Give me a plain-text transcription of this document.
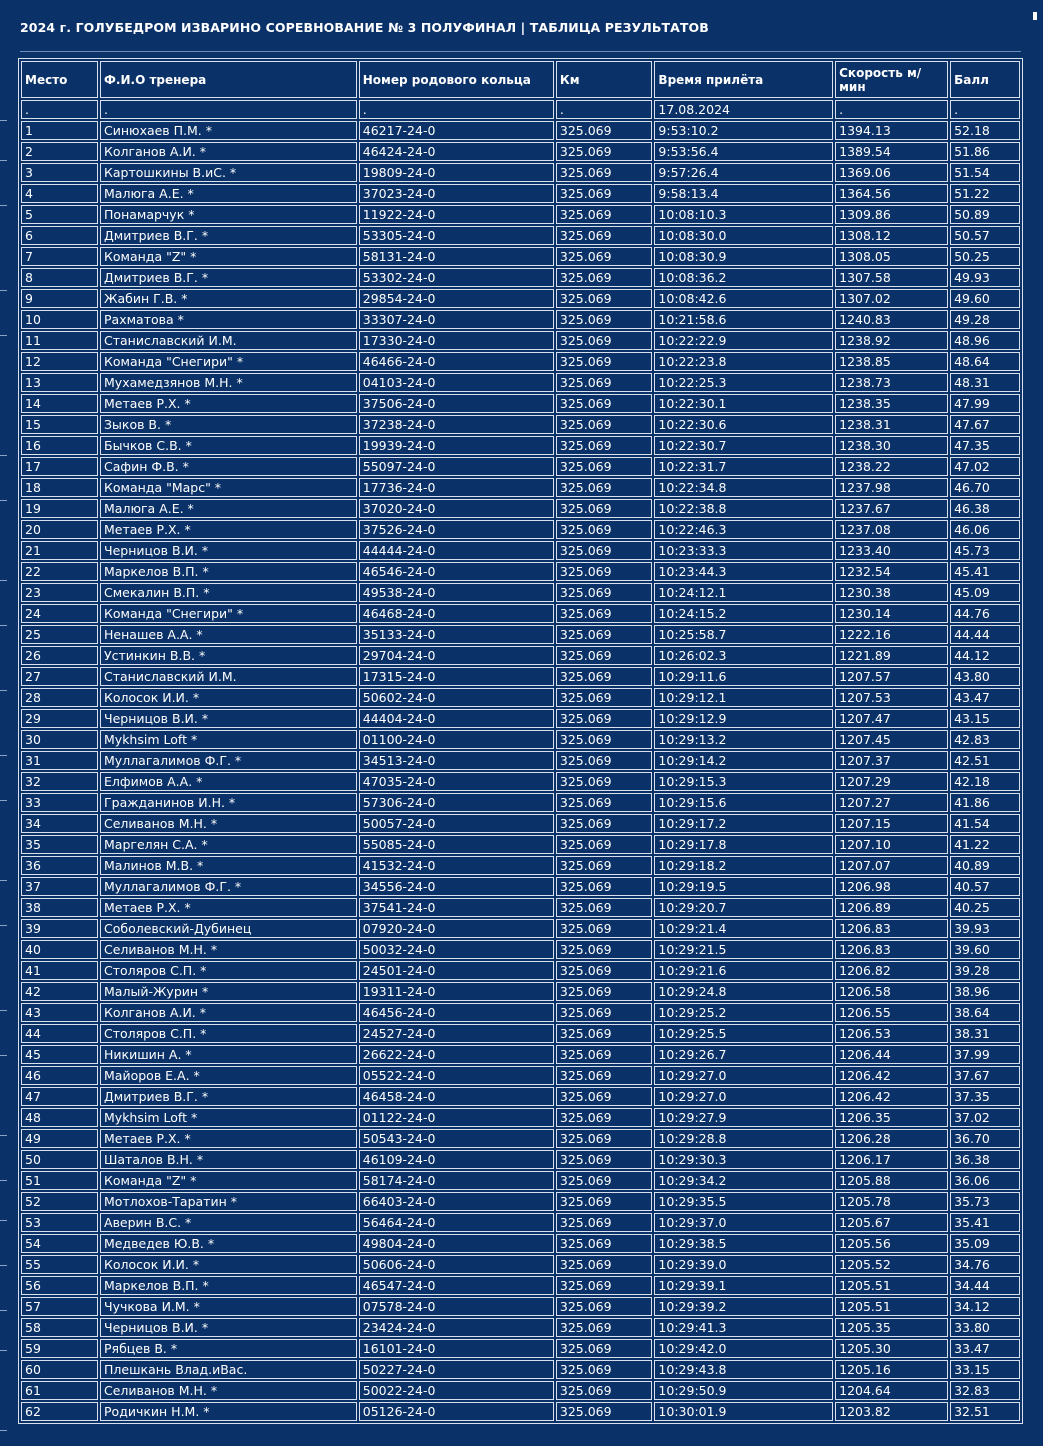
2024 г. ГОЛУБЕДРОМ ИЗВАРИНО СОРЕВНОВАНИЕ № 3 ПОЛУФИНАЛ | ТАБЛИЦА РЕЗУЛЬТАТОВ
Место	Ф.И.О тренера	Номер родового кольца	Км	Время прилёта	Скорость м/мин	Балл
.	.	.	.	17.08.2024	.	.
1	Синюхаев П.М. *	46217-24-0	325.069	9:53:10.2	1394.13	52.18
2	Колганов А.И. *	46424-24-0	325.069	9:53:56.4	1389.54	51.86
3	Картошкины В.иС. *	19809-24-0	325.069	9:57:26.4	1369.06	51.54
4	Малюга А.Е. *	37023-24-0	325.069	9:58:13.4	1364.56	51.22
5	Понамарчук *	11922-24-0	325.069	10:08:10.3	1309.86	50.89
6	Дмитриев В.Г. *	53305-24-0	325.069	10:08:30.0	1308.12	50.57
7	Команда "Z" *	58131-24-0	325.069	10:08:30.9	1308.05	50.25
8	Дмитриев В.Г. *	53302-24-0	325.069	10:08:36.2	1307.58	49.93
9	Жабин Г.В. *	29854-24-0	325.069	10:08:42.6	1307.02	49.60
10	Рахматова *	33307-24-0	325.069	10:21:58.6	1240.83	49.28
11	Станиславский И.М.	17330-24-0	325.069	10:22:22.9	1238.92	48.96
12	Команда "Снегири" *	46466-24-0	325.069	10:22:23.8	1238.85	48.64
13	Мухамедзянов М.Н. *	04103-24-0	325.069	10:22:25.3	1238.73	48.31
14	Метаев Р.Х. *	37506-24-0	325.069	10:22:30.1	1238.35	47.99
15	Зыков В. *	37238-24-0	325.069	10:22:30.6	1238.31	47.67
16	Бычков С.В. *	19939-24-0	325.069	10:22:30.7	1238.30	47.35
17	Сафин Ф.В. *	55097-24-0	325.069	10:22:31.7	1238.22	47.02
18	Команда "Марс" *	17736-24-0	325.069	10:22:34.8	1237.98	46.70
19	Малюга А.Е. *	37020-24-0	325.069	10:22:38.8	1237.67	46.38
20	Метаев Р.Х. *	37526-24-0	325.069	10:22:46.3	1237.08	46.06
21	Черницов В.И. *	44444-24-0	325.069	10:23:33.3	1233.40	45.73
22	Маркелов В.П. *	46546-24-0	325.069	10:23:44.3	1232.54	45.41
23	Смекалин В.П. *	49538-24-0	325.069	10:24:12.1	1230.38	45.09
24	Команда "Снегири" *	46468-24-0	325.069	10:24:15.2	1230.14	44.76
25	Ненашев А.А. *	35133-24-0	325.069	10:25:58.7	1222.16	44.44
26	Устинкин В.В. *	29704-24-0	325.069	10:26:02.3	1221.89	44.12
27	Станиславский И.М.	17315-24-0	325.069	10:29:11.6	1207.57	43.80
28	Колосок И.И. *	50602-24-0	325.069	10:29:12.1	1207.53	43.47
29	Черницов В.И. *	44404-24-0	325.069	10:29:12.9	1207.47	43.15
30	Mykhsim Loft *	01100-24-0	325.069	10:29:13.2	1207.45	42.83
31	Муллагалимов Ф.Г. *	34513-24-0	325.069	10:29:14.2	1207.37	42.51
32	Елфимов А.А. *	47035-24-0	325.069	10:29:15.3	1207.29	42.18
33	Гражданинов И.Н. *	57306-24-0	325.069	10:29:15.6	1207.27	41.86
34	Селиванов М.Н. *	50057-24-0	325.069	10:29:17.2	1207.15	41.54
35	Маргелян С.А. *	55085-24-0	325.069	10:29:17.8	1207.10	41.22
36	Малинов М.В. *	41532-24-0	325.069	10:29:18.2	1207.07	40.89
37	Муллагалимов Ф.Г. *	34556-24-0	325.069	10:29:19.5	1206.98	40.57
38	Метаев Р.Х. *	37541-24-0	325.069	10:29:20.7	1206.89	40.25
39	Соболевский-Дубинец	07920-24-0	325.069	10:29:21.4	1206.83	39.93
40	Селиванов М.Н. *	50032-24-0	325.069	10:29:21.5	1206.83	39.60
41	Столяров С.П. *	24501-24-0	325.069	10:29:21.6	1206.82	39.28
42	Малый-Журин *	19311-24-0	325.069	10:29:24.8	1206.58	38.96
43	Колганов А.И. *	46456-24-0	325.069	10:29:25.2	1206.55	38.64
44	Столяров С.П. *	24527-24-0	325.069	10:29:25.5	1206.53	38.31
45	Никишин А. *	26622-24-0	325.069	10:29:26.7	1206.44	37.99
46	Майоров Е.А. *	05522-24-0	325.069	10:29:27.0	1206.42	37.67
47	Дмитриев В.Г. *	46458-24-0	325.069	10:29:27.0	1206.42	37.35
48	Mykhsim Loft *	01122-24-0	325.069	10:29:27.9	1206.35	37.02
49	Метаев Р.Х. *	50543-24-0	325.069	10:29:28.8	1206.28	36.70
50	Шаталов В.Н. *	46109-24-0	325.069	10:29:30.3	1206.17	36.38
51	Команда "Z" *	58174-24-0	325.069	10:29:34.2	1205.88	36.06
52	Мотлохов-Таратин *	66403-24-0	325.069	10:29:35.5	1205.78	35.73
53	Аверин В.С. *	56464-24-0	325.069	10:29:37.0	1205.67	35.41
54	Медведев Ю.В. *	49804-24-0	325.069	10:29:38.5	1205.56	35.09
55	Колосок И.И. *	50606-24-0	325.069	10:29:39.0	1205.52	34.76
56	Маркелов В.П. *	46547-24-0	325.069	10:29:39.1	1205.51	34.44
57	Чучкова И.М. *	07578-24-0	325.069	10:29:39.2	1205.51	34.12
58	Черницов В.И. *	23424-24-0	325.069	10:29:41.3	1205.35	33.80
59	Рябцев В. *	16101-24-0	325.069	10:29:42.0	1205.30	33.47
60	Плешкань Влад.иВас.	50227-24-0	325.069	10:29:43.8	1205.16	33.15
61	Селиванов М.Н. *	50022-24-0	325.069	10:29:50.9	1204.64	32.83
62	Родичкин Н.М. *	05126-24-0	325.069	10:30:01.9	1203.82	32.51
